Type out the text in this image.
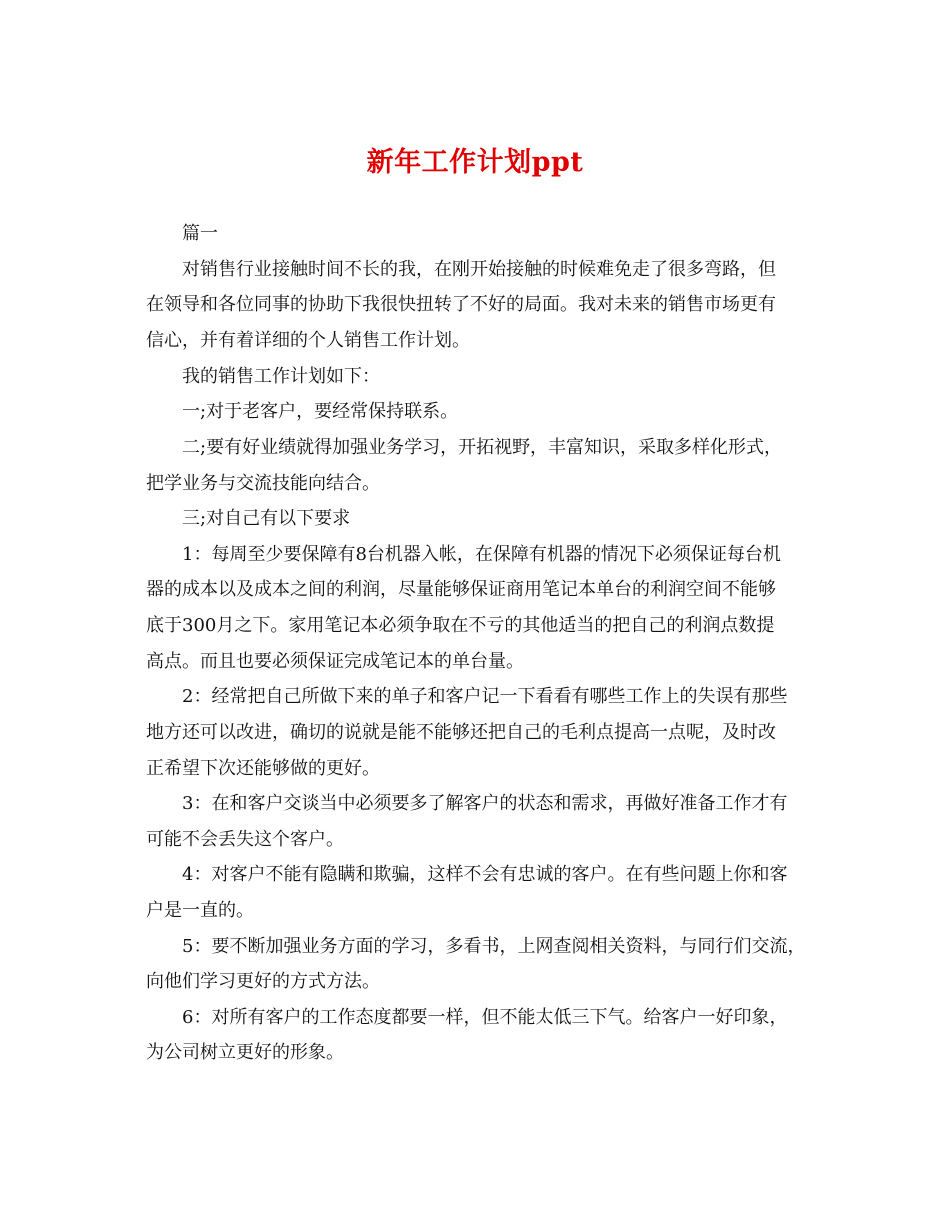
新年工作计划ppt

篇一

对销售行业接触时间不长的我，在刚开始接触的时候难免走了很多弯路，但

在领导和各位同事的协助下我很快扭转了不好的局面。我对未来的销售市场更有

信心，并有着详细的个人销售工作计划。

我的销售工作计划如下：

一;对于老客户，要经常保持联系。

二;要有好业绩就得加强业务学习，开拓视野，丰富知识，采取多样化形式，

把学业务与交流技能向结合。

三;对自己有以下要求

1：每周至少要保障有8台机器入帐，在保障有机器的情况下必须保证每台机

器的成本以及成本之间的利润，尽量能够保证商用笔记本单台的利润空间不能够

底于300月之下。家用笔记本必须争取在不亏的其他适当的把自己的利润点数提

高点。而且也要必须保证完成笔记本的单台量。

2：经常把自己所做下来的单子和客户记一下看看有哪些工作上的失误有那些

地方还可以改进，确切的说就是能不能够还把自己的毛利点提高一点呢，及时改

正希望下次还能够做的更好。

3：在和客户交谈当中必须要多了解客户的状态和需求，再做好准备工作才有

可能不会丢失这个客户。

4：对客户不能有隐瞒和欺骗，这样不会有忠诚的客户。在有些问题上你和客

户是一直的。

5：要不断加强业务方面的学习，多看书，上网查阅相关资料，与同行们交流，

向他们学习更好的方式方法。

6：对所有客户的工作态度都要一样，但不能太低三下气。给客户一好印象，

为公司树立更好的形象。
